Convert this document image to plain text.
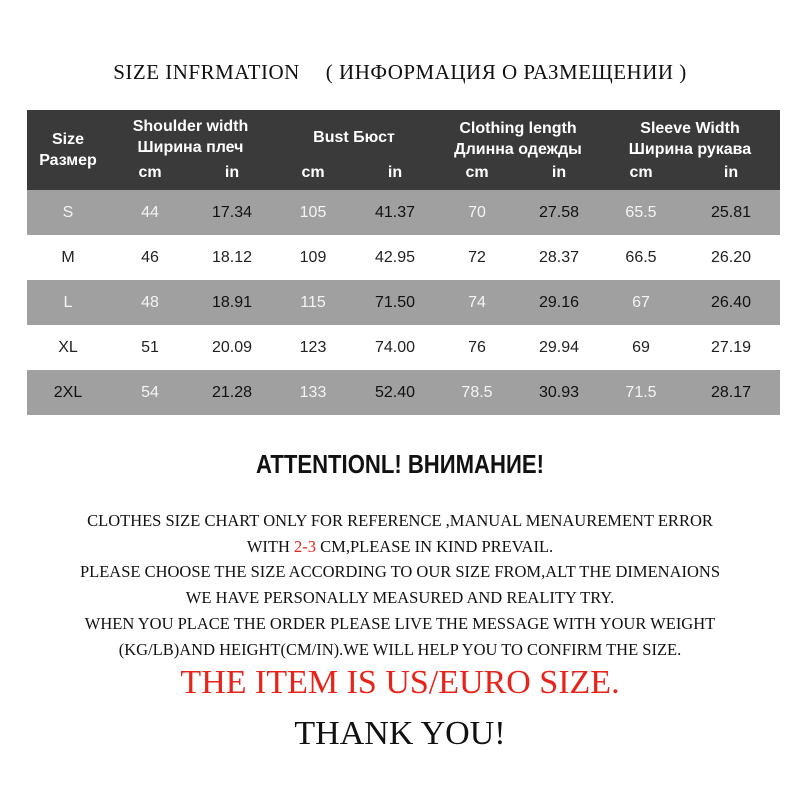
SIZE INFRMATION ( ИНФОРМАЦИЯ О РАЗМЕЩЕНИИ )
Size
Размер
Shoulder width
Ширина плеч
cm	in
Bust Бюст
cm	in
Clothing length
Длинна одежды
cm	in
Sleeve Width
Ширина рукава
cm	in
S	44	17.34	105	41.37	70	27.58	65.5	25.81
M	46	18.12	109	42.95	72	28.37	66.5	26.20
L	48	18.91	115	71.50	74	29.16	67	26.40
XL	51	20.09	123	74.00	76	29.94	69	27.19
2XL	54	21.28	133	52.40	78.5	30.93	71.5	28.17
ATTENTIONL! ВНИМАНИЕ!
CLOTHES SIZE CHART ONLY FOR REFERENCE ,MANUAL MENAUREMENT ERROR
WITH 2-3 CM,PLEASE IN KIND PREVAIL.
PLEASE CHOOSE THE SIZE ACCORDING TO OUR SIZE FROM,ALT THE DIMENAIONS
WE HAVE PERSONALLY MEASURED AND REALITY TRY.
WHEN YOU PLACE THE ORDER PLEASE LIVE THE MESSAGE WITH YOUR WEIGHT
(KG/LB)AND HEIGHT(CM/IN).WE WILL HELP YOU TO CONFIRM THE SIZE.
THE ITEM IS US/EURO SIZE.
THANK YOU!
